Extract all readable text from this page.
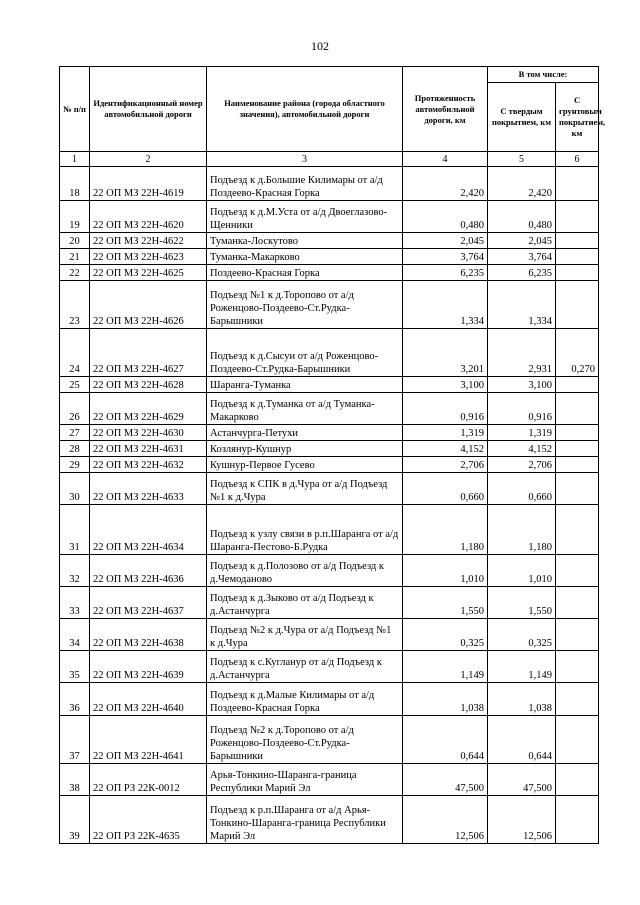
102
№ п/п	Идентификационный номер автомобильной дороги	Наименование района (города областного значения), автомобильной дороги	Протяженность автомобильной дороги, км	В том числе:	
				С твердым покрытием, км	С грунтовым покрытием, км
1	2	3	4	5	6
18	22 ОП МЗ 22Н-4619	Подъезд к д.Большие Килимары от а/д Поздеево-Красная Горка	2,420	2,420	
19	22 ОП МЗ 22Н-4620	Подъезд к д.М.Уста от а/д Двоеглазово-Щенники	0,480	0,480	
20	22 ОП МЗ 22Н-4622	Туманка-Лоскутово	2,045	2,045	
21	22 ОП МЗ 22Н-4623	Туманка-Макарково	3,764	3,764	
22	22 ОП МЗ 22Н-4625	Поздеево-Красная Горка	6,235	6,235	
23	22 ОП МЗ 22Н-4626	Подъезд №1 к д.Торопово от а/д Роженцово-Поздеево-Ст.Рудка-Барышники	1,334	1,334	
24	22 ОП МЗ 22Н-4627	Подъезд к д.Сысуи от а/д Роженцово-Поздеево-Ст.Рудка-Барышники	3,201	2,931	0,270
25	22 ОП МЗ 22Н-4628	Шаранга-Туманка	3,100	3,100	
26	22 ОП МЗ 22Н-4629	Подъезд к д.Туманка от а/д Туманка-Макарково	0,916	0,916	
27	22 ОП МЗ 22Н-4630	Астанчурга-Петухи	1,319	1,319	
28	22 ОП МЗ 22Н-4631	Козлянур-Кушнур	4,152	4,152	
29	22 ОП МЗ 22Н-4632	Кушнур-Первое Гусево	2,706	2,706	
30	22 ОП МЗ 22Н-4633	Подъезд к СПК в д.Чура от а/д Подъезд №1 к д.Чура	0,660	0,660	
31	22 ОП МЗ 22Н-4634	Подъезд к узлу связи в р.п.Шаранга от а/д Шаранга-Пестово-Б.Рудка	1,180	1,180	
32	22 ОП МЗ 22Н-4636	Подъезд к д.Полозово от а/д Подъезд к д.Чемоданово	1,010	1,010	
33	22 ОП МЗ 22Н-4637	Подъезд к д.Зыково от а/д Подъезд к д.Астанчурга	1,550	1,550	
34	22 ОП МЗ 22Н-4638	Подъезд №2 к д.Чура от а/д Подъезд №1 к д.Чура	0,325	0,325	
35	22 ОП МЗ 22Н-4639	Подъезд к с.Кугланур от а/д Подъезд к д.Астанчурга	1,149	1,149	
36	22 ОП МЗ 22Н-4640	Подъезд к д.Малые Килимары от а/д Поздеево-Красная Горка	1,038	1,038	
37	22 ОП МЗ 22Н-4641	Подъезд №2 к д.Торопово от а/д Роженцово-Поздеево-Ст.Рудка-Барышники	0,644	0,644	
38	22 ОП РЗ 22К-0012	Арья-Тонкино-Шаранга-граница Республики Марий Эл	47,500	47,500	
39	22 ОП РЗ 22К-4635	Подъезд к р.п.Шаранга от а/д Арья-Тонкино-Шаранга-граница Республики Марий Эл	12,506	12,506	
